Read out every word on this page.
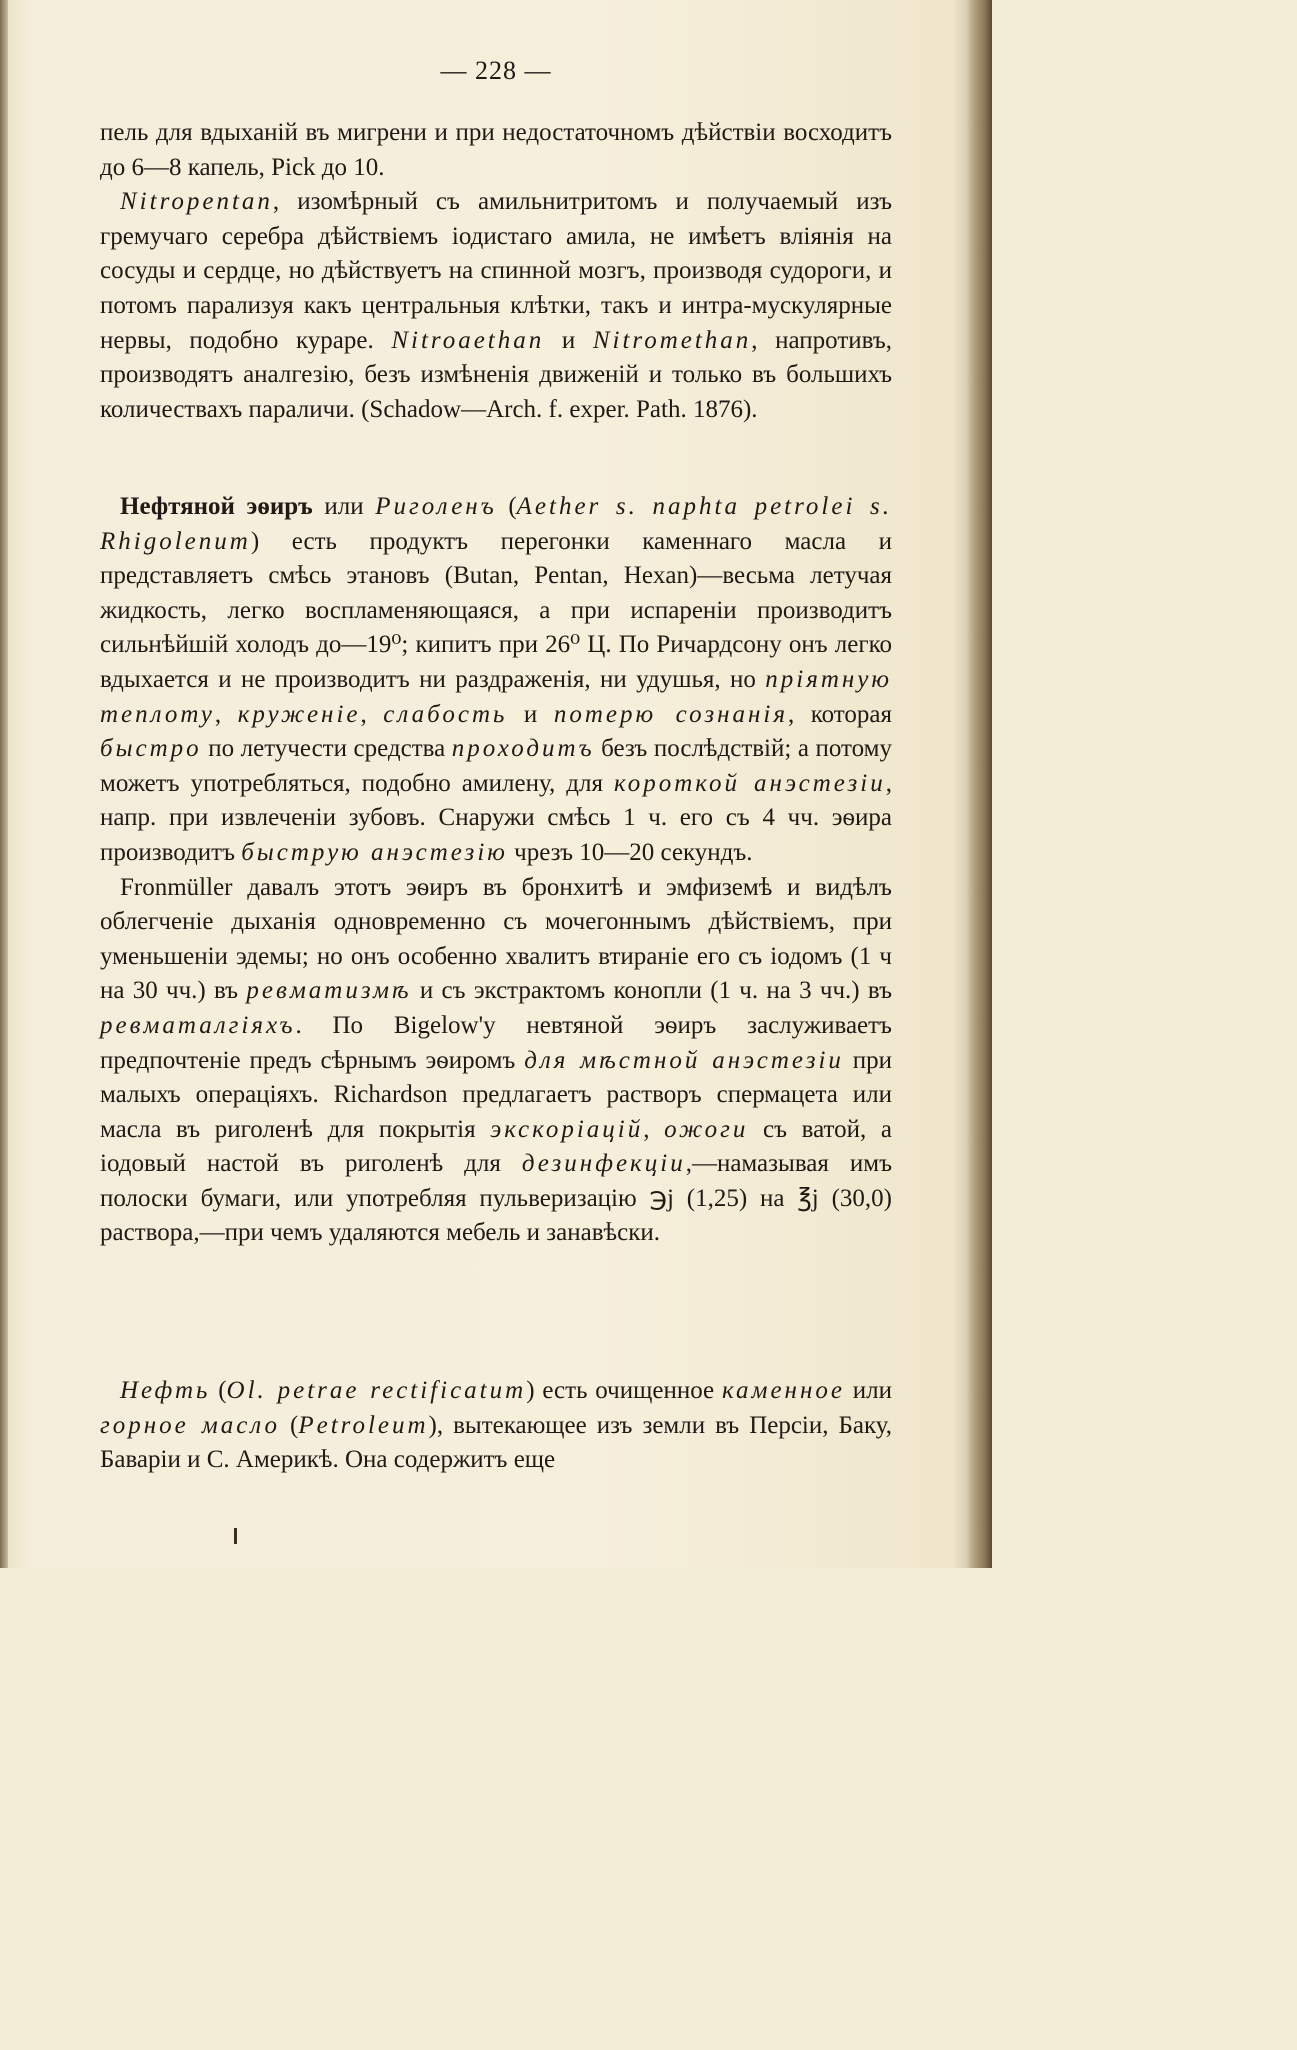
— 228 —

пель для вдыханій въ мигрени и при недостаточномъ дѣйствіи восходитъ до 6—8 капель, Pick до 10.

Nitropentan, изомѣрный съ амильнитритомъ и получаемый изъ гремучаго серебра дѣйствіемъ іодистаго амила, не имѣетъ вліянія на сосуды и сердце, но дѣйствуетъ на спинной мозгъ, производя судороги, и потомъ парализуя какъ центральныя клѣтки, такъ и интра-мускулярные нервы, подобно кураре. Nitroaethan и Nitromethan, напротивъ, производятъ аналгезію, безъ измѣненія движеній и только въ большихъ количествахъ параличи. (Schadow—Arch. f. exper. Path. 1876).

Нефтяной эѳиръ или Риголенъ (Aether s. naphta petrolei s. Rhigolenum) есть продуктъ перегонки каменнаго масла и представляетъ смѣсь этановъ (Butan, Pentan, Hexan)—весьма летучая жидкость, легко воспламеняющаяся, а при испареніи производитъ сильнѣйшій холодъ до—19⁰; кипитъ при 26⁰ Ц. По Ричардсону онъ легко вдыхается и не производитъ ни раздраженія, ни удушья, но пріятную теплоту, круженіе, слабость и потерю сознанія, которая быстро по летучести средства проходитъ безъ послѣдствій; а потому можетъ употребляться, подобно амилену, для короткой анэстезіи, напр. при извлеченіи зубовъ. Снаружи смѣсь 1 ч. его съ 4 чч. эѳира производитъ быструю анэстезію чрезъ 10—20 секундъ.

Fronmüller давалъ этотъ эѳиръ въ бронхитѣ и эмфиземѣ и видѣлъ облегченіе дыханія одновременно съ мочегоннымъ дѣйствіемъ, при уменьшеніи эдемы; но онъ особенно хвалитъ втираніе его съ іодомъ (1 ч на 30 чч.) въ ревматизмѣ и съ экстрактомъ конопли (1 ч. на 3 чч.) въ ревматалгіяхъ. По Bigelow'у невтяной эѳиръ заслуживаетъ предпочтеніе предъ сѣрнымъ эѳиромъ для мѣстной анэстезіи при малыхъ операціяхъ. Richardson предлагаетъ растворъ спермацета или масла въ риголенѣ для покрытія экскоріацій, ожоги съ ватой, а іодовый настой въ риголенѣ для дезинфекціи,—намазывая имъ полоски бумаги, или употребляя пульверизацію ℈j (1,25) на ℥j (30,0) раствора,—при чемъ удаляются мебель и занавѣски.

Нефть (Ol. petrae rectificatum) есть очищенное каменное или горное масло (Petroleum), вытекающее изъ земли въ Персіи, Баку, Баваріи и С. Америкѣ. Она содержитъ еще
